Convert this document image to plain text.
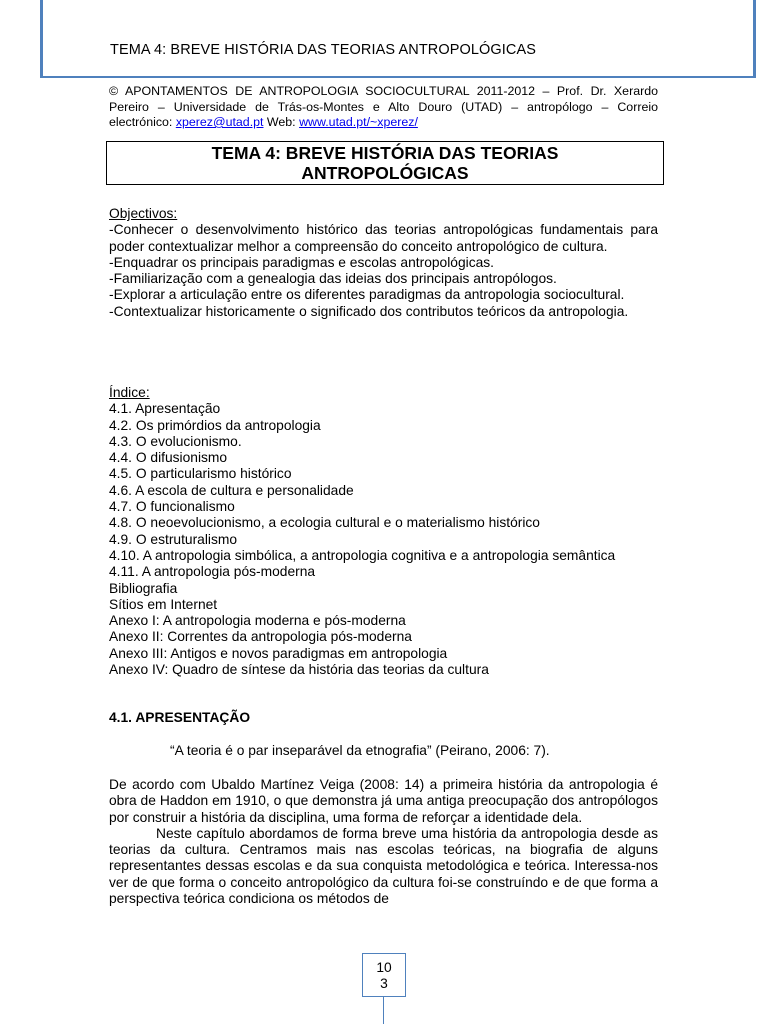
TEMA 4: BREVE HISTÓRIA DAS TEORIAS ANTROPOLÓGICAS
© APONTAMENTOS DE ANTROPOLOGIA SOCIOCULTURAL 2011-2012 – Prof. Dr. Xerardo Pereiro – Universidade de Trás-os-Montes e Alto Douro (UTAD) – antropólogo – Correio electrónico: xperez@utad.pt Web: www.utad.pt/~xperez/
TEMA 4: BREVE HISTÓRIA DAS TEORIAS
ANTROPOLÓGICAS
Objectivos:
-Conhecer o desenvolvimento histórico das teorias antropológicas fundamentais para poder contextualizar melhor a compreensão do conceito antropológico de cultura.
-Enquadrar os principais paradigmas e escolas antropológicas.
-Familiarização com a genealogia das ideias dos principais antropólogos.
-Explorar a articulação entre os diferentes paradigmas da antropologia sociocultural.
-Contextualizar historicamente o significado dos contributos teóricos da antropologia.
Índice:
4.1. Apresentação
4.2. Os primórdios da antropologia
4.3. O evolucionismo.
4.4. O difusionismo
4.5. O particularismo histórico
4.6. A escola de cultura e personalidade
4.7. O funcionalismo
4.8. O neoevolucionismo, a ecologia cultural e o materialismo histórico
4.9. O estruturalismo
4.10. A antropologia simbólica, a antropologia cognitiva e a antropologia semântica
4.11. A antropologia pós-moderna
Bibliografia
Sítios em Internet
Anexo I: A antropologia moderna e pós-moderna
Anexo II: Correntes da antropologia pós-moderna
Anexo III: Antigos e novos paradigmas em antropologia
Anexo IV: Quadro de síntese da história das teorias da cultura
4.1. APRESENTAÇÃO
“A teoria é o par inseparável da etnografia” (Peirano, 2006: 7).
De acordo com Ubaldo Martínez Veiga (2008: 14) a primeira história da antropologia é obra de Haddon em 1910, o que demonstra já uma antiga preocupação dos antropólogos por construir a história da disciplina, uma forma de reforçar a identidade dela.
Neste capítulo abordamos de forma breve uma história da antropologia desde as teorias da cultura. Centramos mais nas escolas teóricas, na biografia de alguns representantes dessas escolas e da sua conquista metodológica e teórica. Interessa-nos ver de que forma o conceito antropológico da cultura foi-se construíndo e de que forma a perspectiva teórica condiciona os métodos de
10
3
